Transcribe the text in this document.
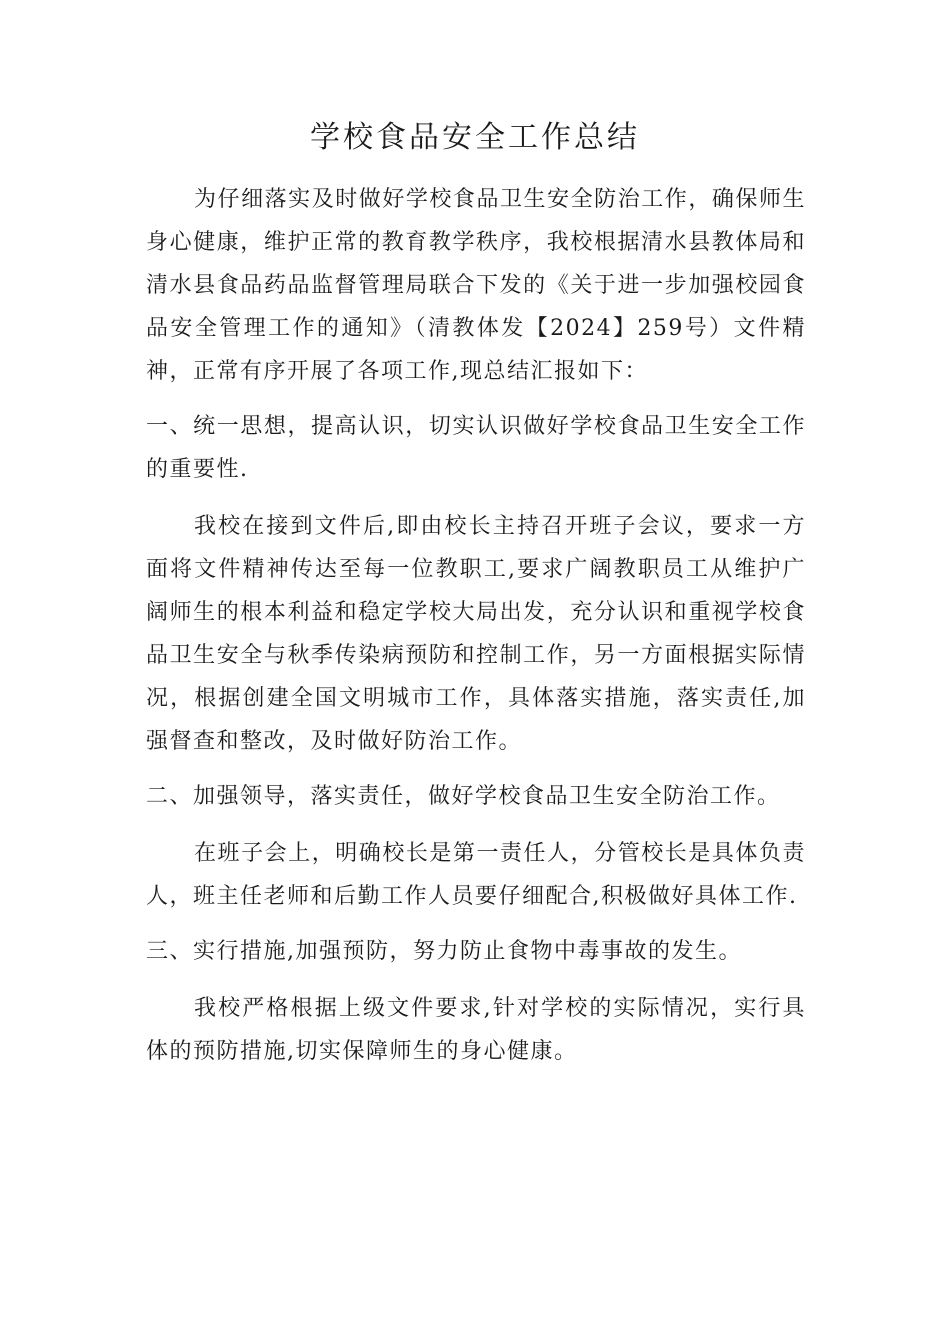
学校食品安全工作总结

为仔细落实及时做好学校食品卫生安全防治工作，确保师生身心健康，维护正常的教育教学秩序，我校根据清水县教体局和清水县食品药品监督管理局联合下发的《关于进一步加强校园食品安全管理工作的通知》（清教体发【2024】259号）文件精神，正常有序开展了各项工作,现总结汇报如下：

一、统一思想，提高认识，切实认识做好学校食品卫生安全工作的重要性.

我校在接到文件后,即由校长主持召开班子会议，要求一方面将文件精神传达至每一位教职工,要求广阔教职员工从维护广阔师生的根本利益和稳定学校大局出发，充分认识和重视学校食品卫生安全与秋季传染病预防和控制工作，另一方面根据实际情况，根据创建全国文明城市工作，具体落实措施，落实责任,加强督查和整改，及时做好防治工作。

二、加强领导，落实责任，做好学校食品卫生安全防治工作。

在班子会上，明确校长是第一责任人，分管校长是具体负责人，班主任老师和后勤工作人员要仔细配合,积极做好具体工作.

三、实行措施,加强预防，努力防止食物中毒事故的发生。

我校严格根据上级文件要求,针对学校的实际情况，实行具体的预防措施,切实保障师生的身心健康。
